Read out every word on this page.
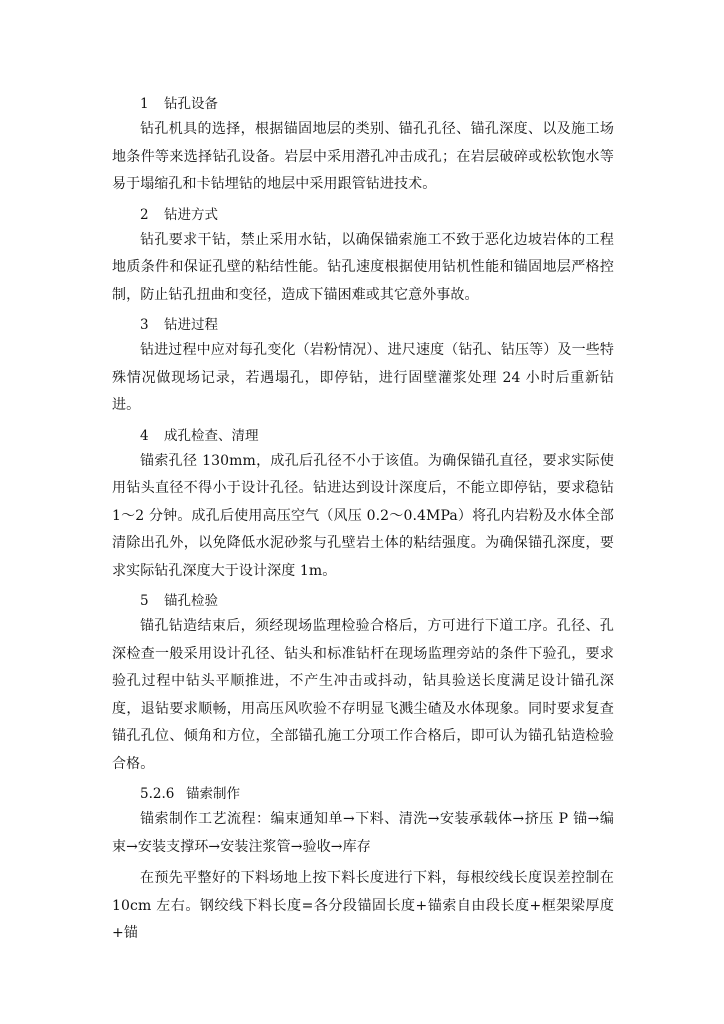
1 钻孔设备

钻孔机具的选择，根据锚固地层的类别、锚孔孔径、锚孔深度、以及施工场地条件等来选择钻孔设备。岩层中采用潜孔冲击成孔；在岩层破碎或松软饱水等易于塌缩孔和卡钻埋钻的地层中采用跟管钻进技术。

2 钻进方式

钻孔要求干钻，禁止采用水钻，以确保锚索施工不致于恶化边坡岩体的工程地质条件和保证孔壁的粘结性能。钻孔速度根据使用钻机性能和锚固地层严格控制，防止钻孔扭曲和变径，造成下锚困难或其它意外事故。

3 钻进过程

钻进过程中应对每孔变化（岩粉情况）、进尺速度（钻孔、钻压等）及一些特殊情况做现场记录，若遇塌孔，即停钻，进行固壁灌浆处理 24 小时后重新钻进。

4 成孔检查、清理

锚索孔径 130mm，成孔后孔径不小于该值。为确保锚孔直径，要求实际使用钻头直径不得小于设计孔径。钻进达到设计深度后，不能立即停钻，要求稳钻 1～2 分钟。成孔后使用高压空气（风压 0.2～0.4MPa）将孔内岩粉及水体全部清除出孔外，以免降低水泥砂浆与孔壁岩土体的粘结强度。为确保锚孔深度，要求实际钻孔深度大于设计深度 1m。

5 锚孔检验

锚孔钻造结束后，须经现场监理检验合格后，方可进行下道工序。孔径、孔深检查一般采用设计孔径、钻头和标准钻杆在现场监理旁站的条件下验孔，要求验孔过程中钻头平顺推进，不产生冲击或抖动，钻具验送长度满足设计锚孔深度，退钻要求顺畅，用高压风吹验不存明显飞溅尘碴及水体现象。同时要求复查锚孔孔位、倾角和方位，全部锚孔施工分项工作合格后，即可认为锚孔钻造检验合格。

5.2.6 锚索制作

锚索制作工艺流程：编束通知单→下料、清洗→安装承载体→挤压 P 锚→编束→安装支撑环→安装注浆管→验收→库存

在预先平整好的下料场地上按下料长度进行下料，每根绞线长度误差控制在 10cm 左右。钢绞线下料长度=各分段锚固长度+锚索自由段长度+框架梁厚度+锚
